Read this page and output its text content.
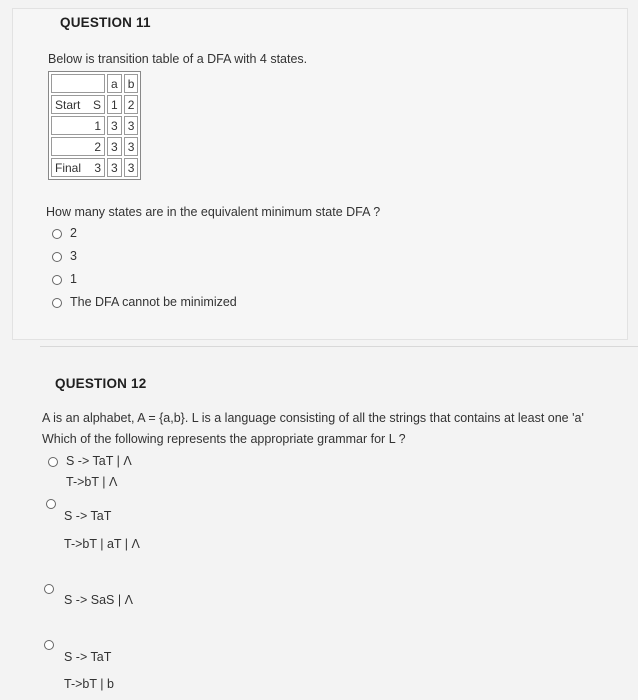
QUESTION 11
Below is transition table of a DFA with 4 states.
	a	b
Start S	1	2

1	3	3

2	3	3
Final 3	3	3
How many states are in the equivalent minimum state DFA ?
2
3
1
The DFA cannot be minimized
QUESTION 12
A is an alphabet, A = {a,b}. L is a language consisting of all the strings that contains at least one 'a'
Which of the following represents the appropriate grammar for L ?
S -> TaT | Λ
T->bT | Λ
S -> TaT
T->bT | aT | Λ
S -> SaS | Λ
S -> TaT
T->bT | b
